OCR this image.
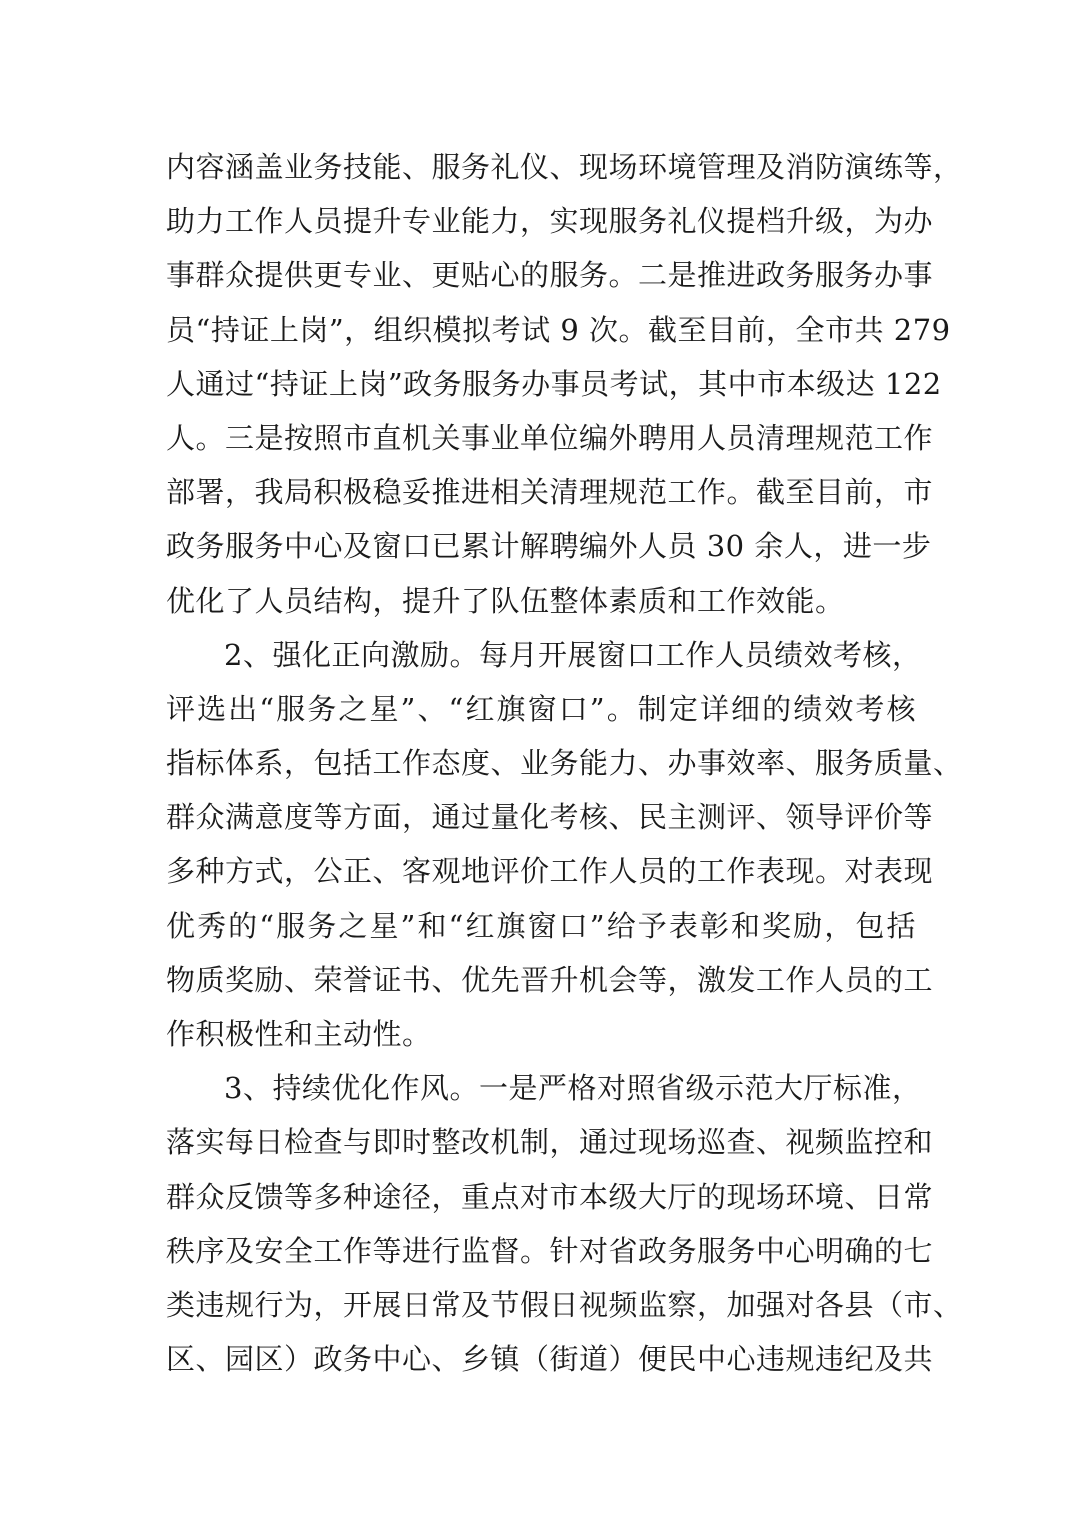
内容涵盖业务技能、服务礼仪、现场环境管理及消防演练等，
助力工作人员提升专业能力，实现服务礼仪提档升级，为办
事群众提供更专业、更贴心的服务。二是推进政务服务办事
员“持证上岗”，组织模拟考试 9 次。截至目前，全市共 279
人通过“持证上岗”政务服务办事员考试，其中市本级达 122
人。三是按照市直机关事业单位编外聘用人员清理规范工作
部署，我局积极稳妥推进相关清理规范工作。截至目前，市
政务服务中心及窗口已累计解聘编外人员 30 余人，进一步
优化了人员结构，提升了队伍整体素质和工作效能。
2、强化正向激励。每月开展窗口工作人员绩效考核，
评选出“服务之星”、“红旗窗口”。制定详细的绩效考核
指标体系，包括工作态度、业务能力、办事效率、服务质量、
群众满意度等方面，通过量化考核、民主测评、领导评价等
多种方式，公正、客观地评价工作人员的工作表现。对表现
优秀的“服务之星”和“红旗窗口”给予表彰和奖励，包括
物质奖励、荣誉证书、优先晋升机会等，激发工作人员的工
作积极性和主动性。
3、持续优化作风。一是严格对照省级示范大厅标准，
落实每日检查与即时整改机制，通过现场巡查、视频监控和
群众反馈等多种途径，重点对市本级大厅的现场环境、日常
秩序及安全工作等进行监督。针对省政务服务中心明确的七
类违规行为，开展日常及节假日视频监察，加强对各县（市、
区、园区）政务中心、乡镇（街道）便民中心违规违纪及共
